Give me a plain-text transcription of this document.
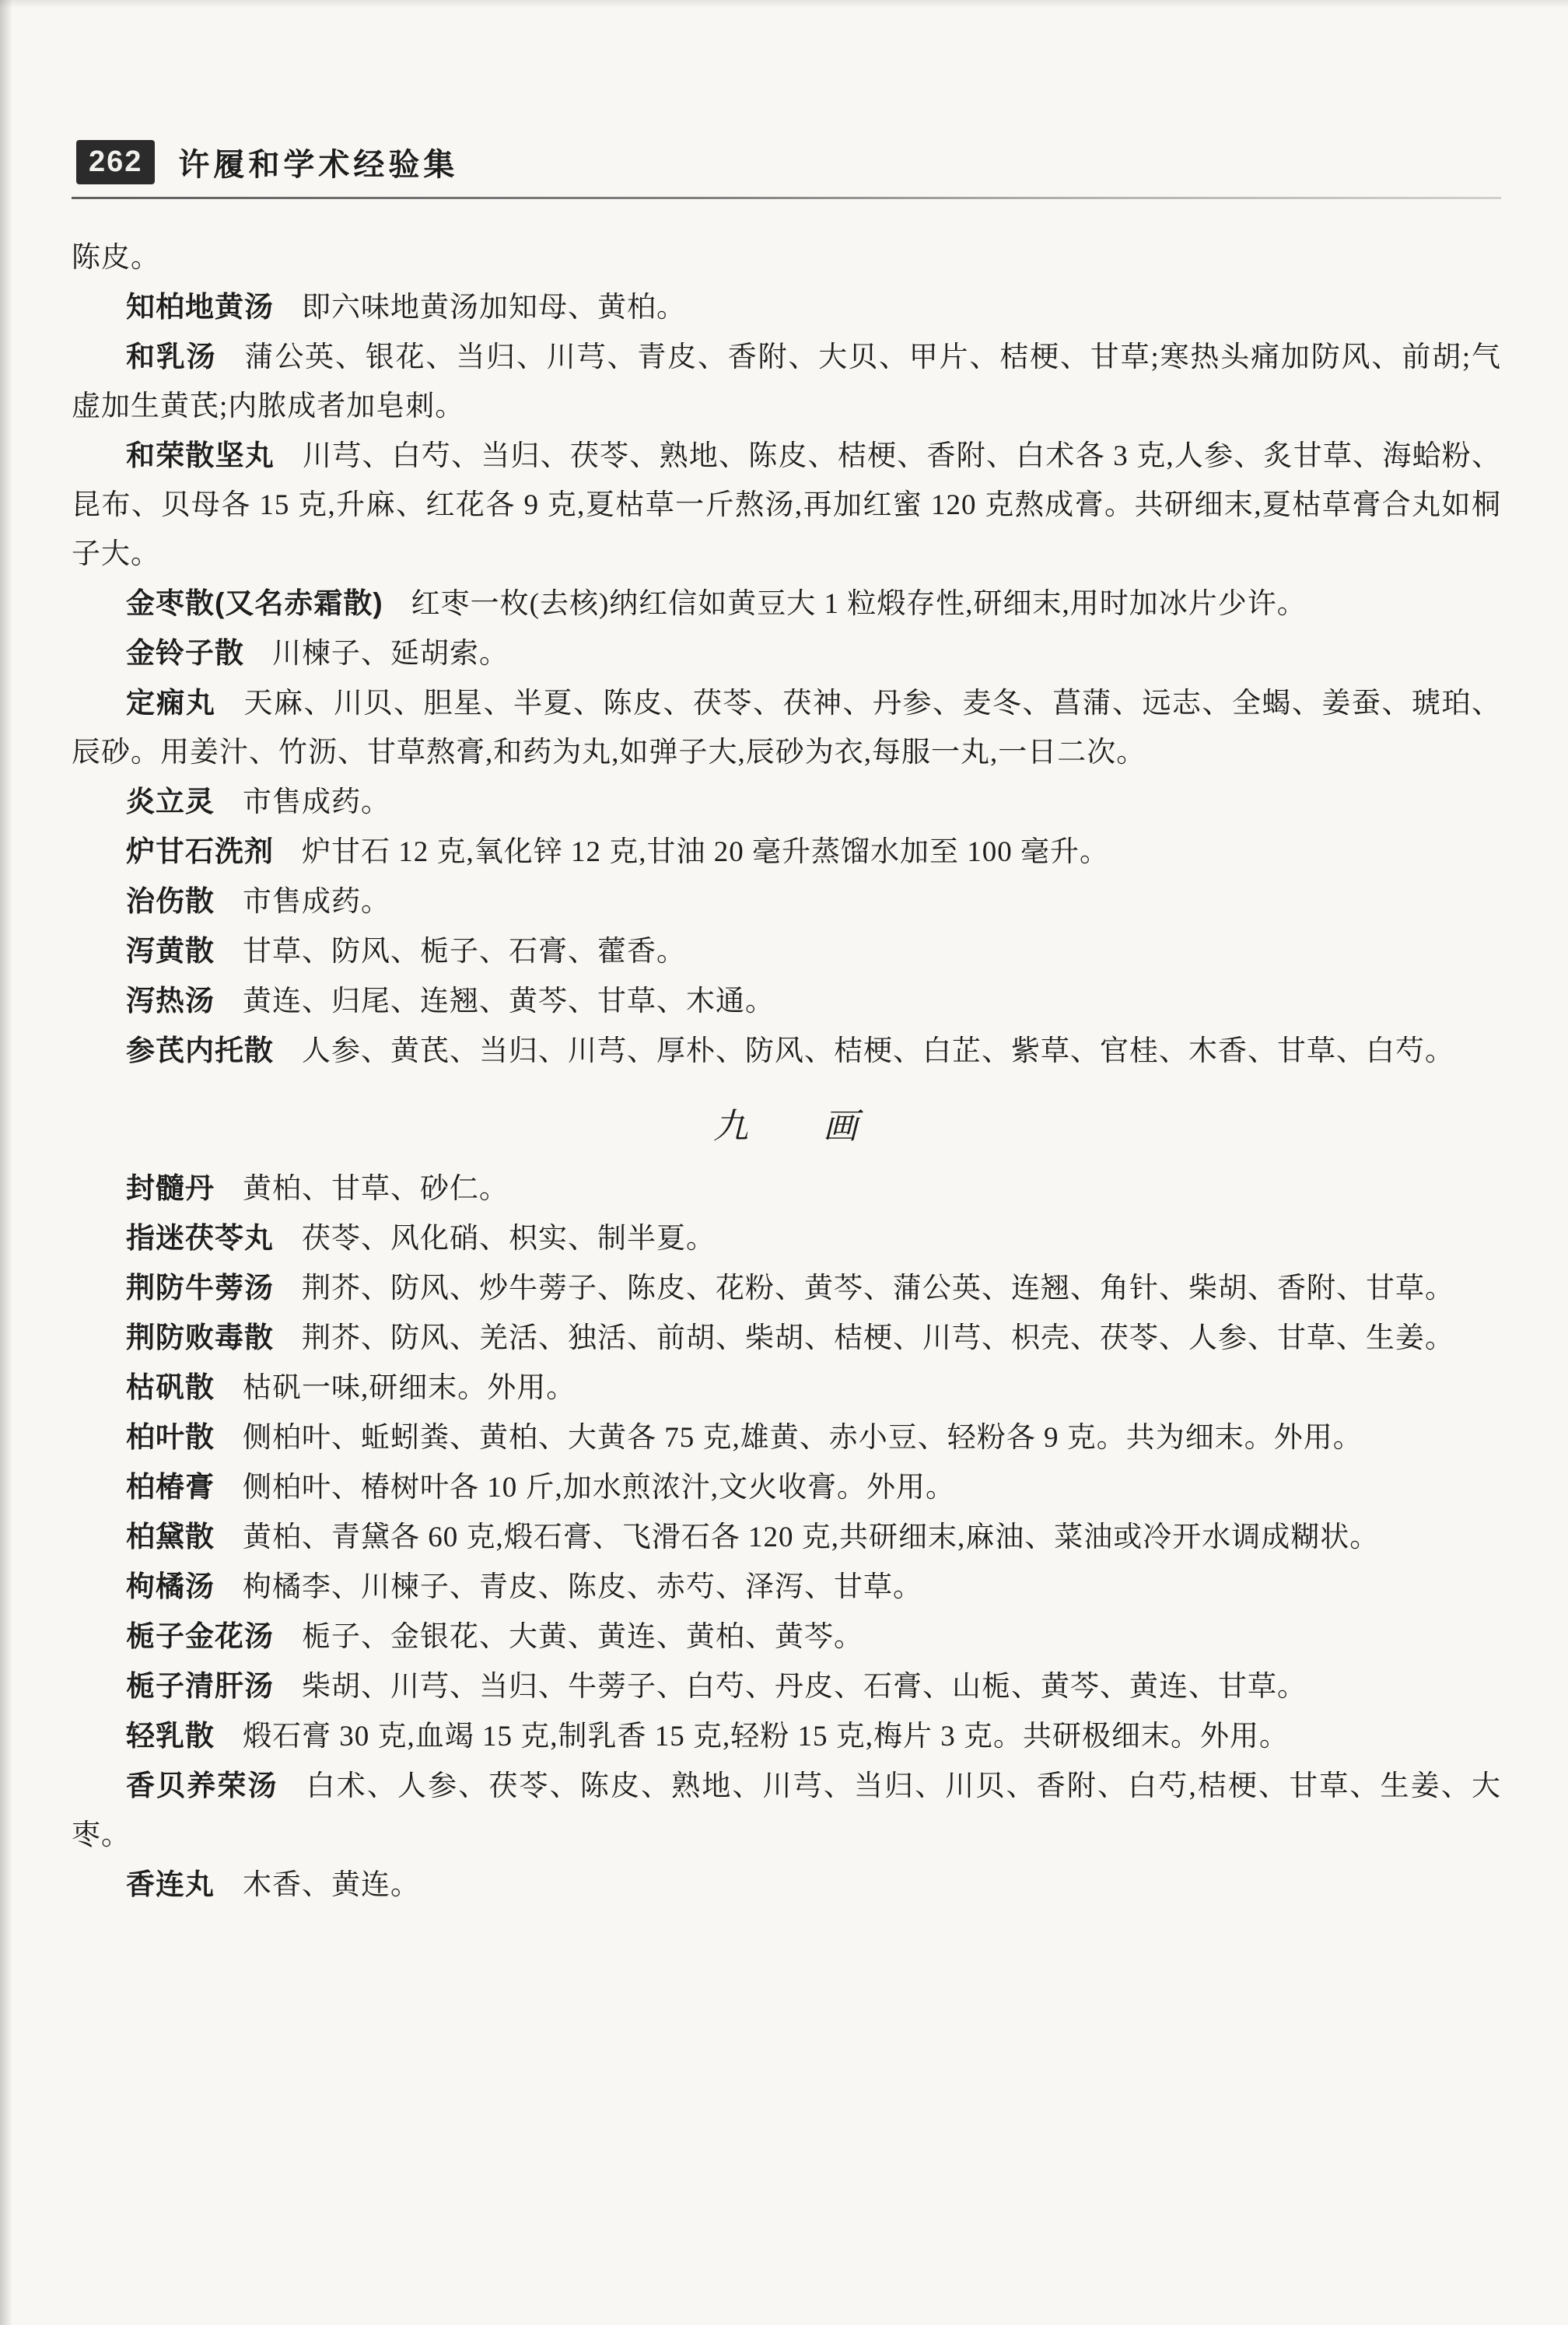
262	许履和学术经验集

陈皮。

知柏地黄汤 即六味地黄汤加知母、黄柏。

和乳汤 蒲公英、银花、当归、川芎、青皮、香附、大贝、甲片、桔梗、甘草;寒热头痛加防风、前胡;气虚加生黄芪;内脓成者加皂刺。

和荣散坚丸 川芎、白芍、当归、茯苓、熟地、陈皮、桔梗、香附、白术各 3 克,人参、炙甘草、海蛤粉、昆布、贝母各 15 克,升麻、红花各 9 克,夏枯草一斤熬汤,再加红蜜 120 克熬成膏。共研细末,夏枯草膏合丸如桐子大。

金枣散(又名赤霜散) 红枣一枚(去核)纳红信如黄豆大 1 粒煅存性,研细末,用时加冰片少许。

金铃子散 川楝子、延胡索。

定痫丸 天麻、川贝、胆星、半夏、陈皮、茯苓、茯神、丹参、麦冬、菖蒲、远志、全蝎、姜蚕、琥珀、辰砂。用姜汁、竹沥、甘草熬膏,和药为丸,如弹子大,辰砂为衣,每服一丸,一日二次。

炎立灵 市售成药。

炉甘石洗剂 炉甘石 12 克,氧化锌 12 克,甘油 20 毫升蒸馏水加至 100 毫升。

治伤散 市售成药。

泻黄散 甘草、防风、栀子、石膏、藿香。

泻热汤 黄连、归尾、连翘、黄芩、甘草、木通。

参芪内托散 人参、黄芪、当归、川芎、厚朴、防风、桔梗、白芷、紫草、官桂、木香、甘草、白芍。

九　　画

封髓丹 黄柏、甘草、砂仁。

指迷茯苓丸 茯苓、风化硝、枳实、制半夏。

荆防牛蒡汤 荆芥、防风、炒牛蒡子、陈皮、花粉、黄芩、蒲公英、连翘、角针、柴胡、香附、甘草。

荆防败毒散 荆芥、防风、羌活、独活、前胡、柴胡、桔梗、川芎、枳壳、茯苓、人参、甘草、生姜。

枯矾散 枯矾一味,研细末。外用。

柏叶散 侧柏叶、蚯蚓粪、黄柏、大黄各 75 克,雄黄、赤小豆、轻粉各 9 克。共为细末。外用。

柏椿膏 侧柏叶、椿树叶各 10 斤,加水煎浓汁,文火收膏。外用。

柏黛散 黄柏、青黛各 60 克,煅石膏、飞滑石各 120 克,共研细末,麻油、菜油或冷开水调成糊状。

枸橘汤 枸橘李、川楝子、青皮、陈皮、赤芍、泽泻、甘草。

栀子金花汤 栀子、金银花、大黄、黄连、黄柏、黄芩。

栀子清肝汤 柴胡、川芎、当归、牛蒡子、白芍、丹皮、石膏、山栀、黄芩、黄连、甘草。

轻乳散 煅石膏 30 克,血竭 15 克,制乳香 15 克,轻粉 15 克,梅片 3 克。共研极细末。外用。

香贝养荣汤 白术、人参、茯苓、陈皮、熟地、川芎、当归、川贝、香附、白芍,桔梗、甘草、生姜、大枣。

香连丸 木香、黄连。
